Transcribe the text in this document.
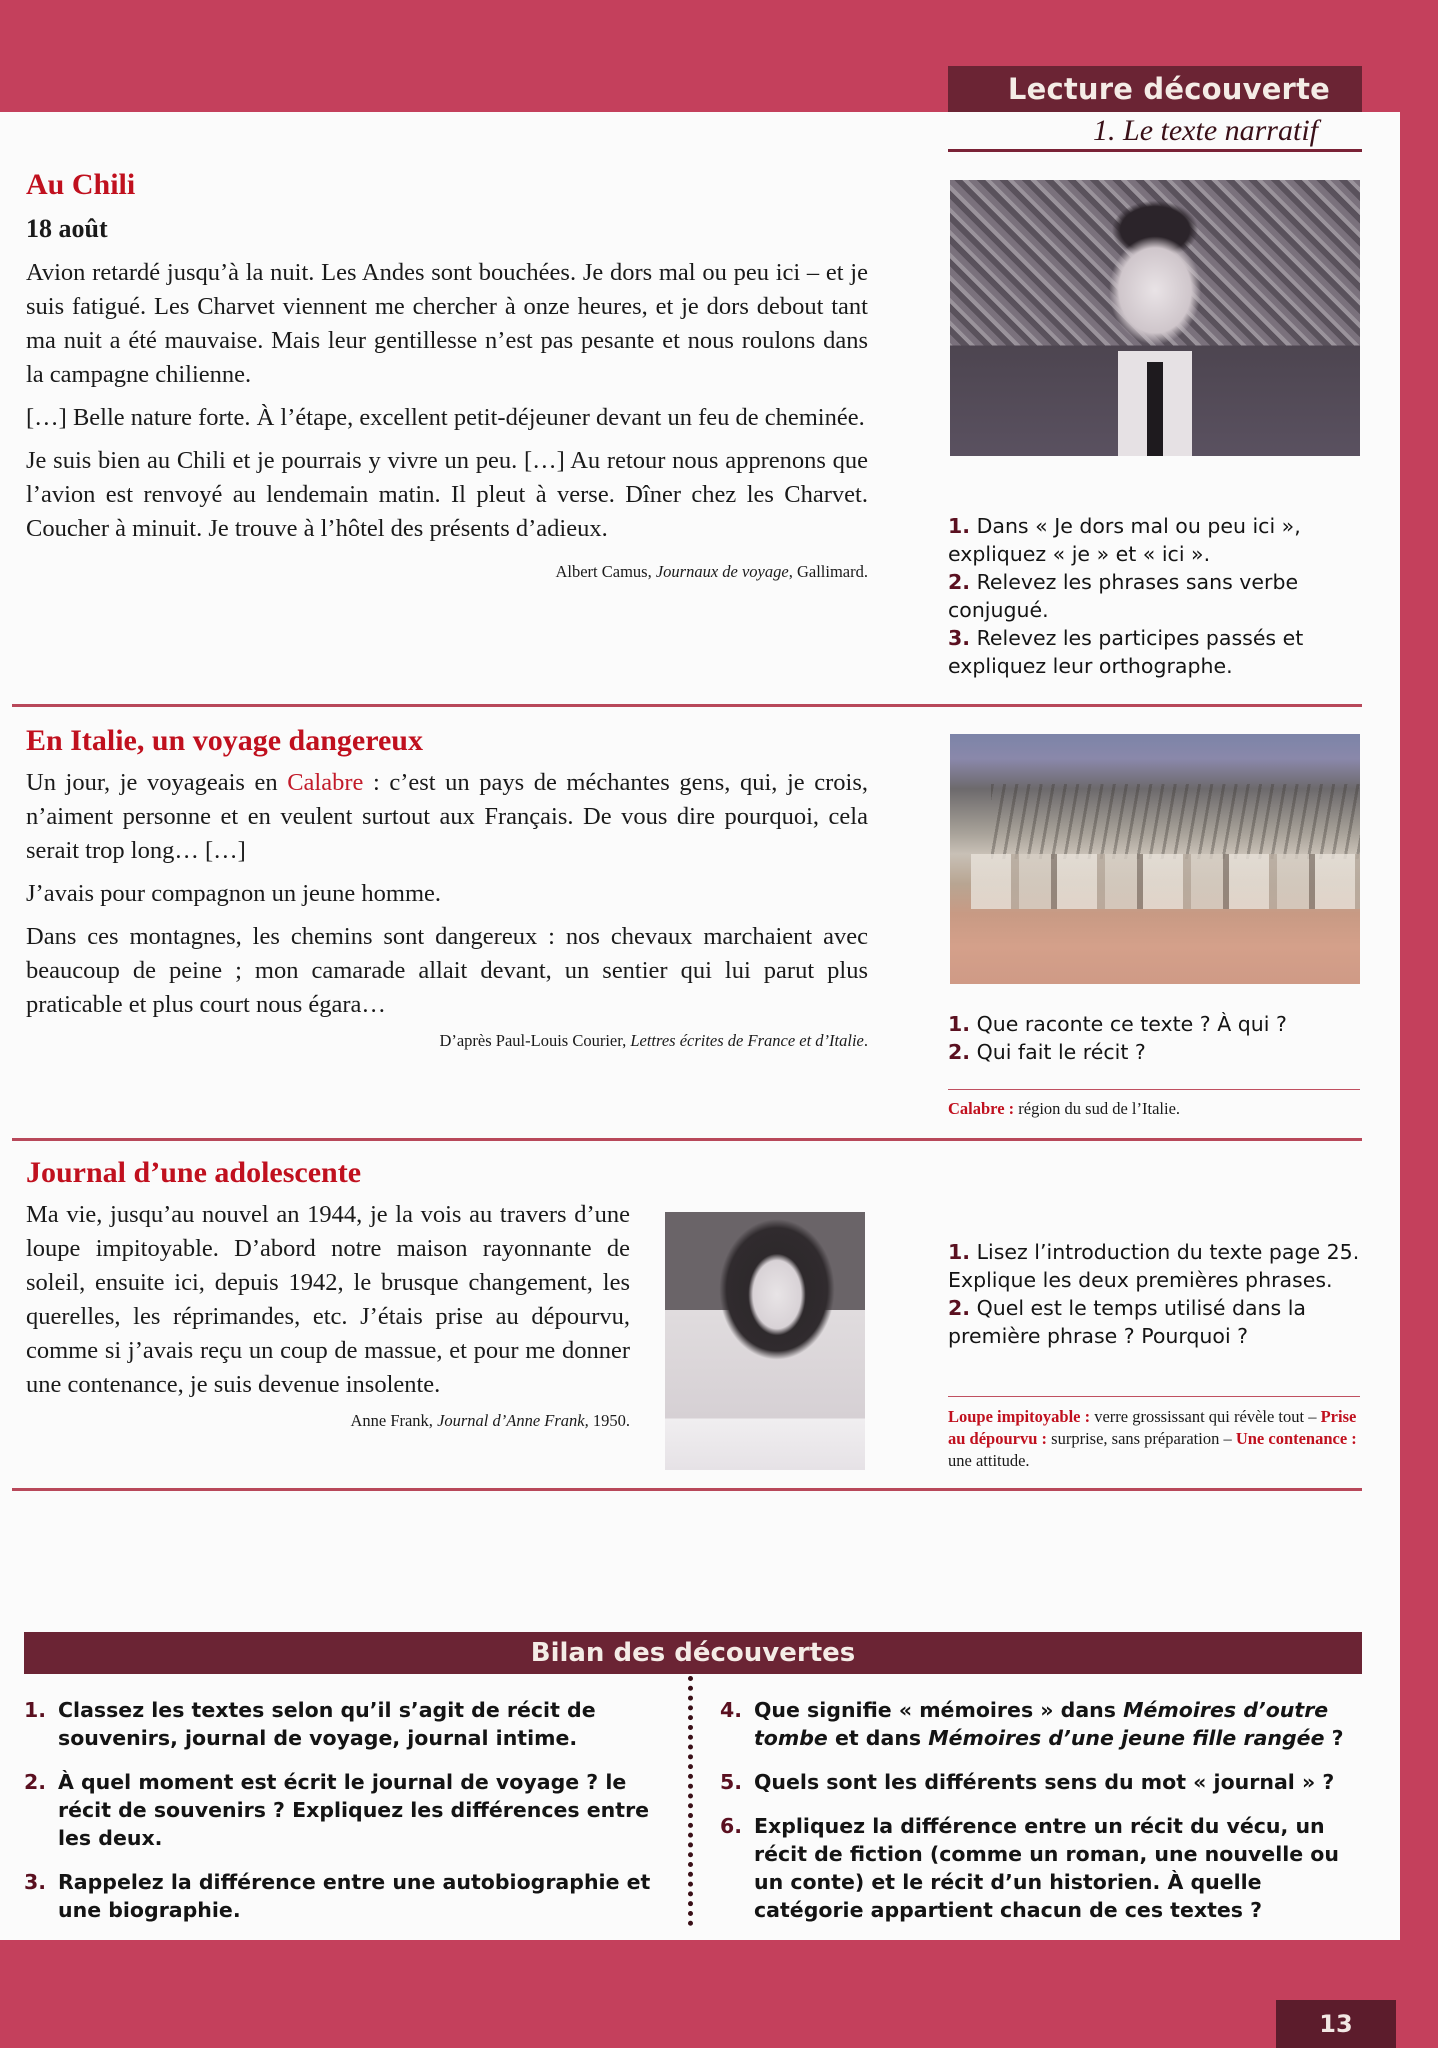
Lecture découverte
1. Le texte narratif
Au Chili

18 août

Avion retardé jusqu’à la nuit. Les Andes sont bouchées. Je dors mal ou peu ici – et je suis fatigué. Les Charvet viennent me chercher à onze heures, et je dors debout tant ma nuit a été mauvaise. Mais leur gentillesse n’est pas pesante et nous roulons dans la campagne chilienne.

[…] Belle nature forte. À l’étape, excellent petit-déjeuner devant un feu de cheminée.

Je suis bien au Chili et je pourrais y vivre un peu. […] Au retour nous apprenons que l’avion est renvoyé au lendemain matin. Il pleut à verse. Dîner chez les Charvet. Coucher à minuit. Je trouve à l’hôtel des présents d’adieux.

Albert Camus, Journaux de voyage, Gallimard.

1. Dans « Je dors mal ou peu ici », expliquez « je » et « ici ».
2. Relevez les phrases sans verbe conjugué.
3. Relevez les participes passés et expliquez leur orthographe.
En Italie, un voyage dangereux

Un jour, je voyageais en Calabre : c’est un pays de méchantes gens, qui, je crois, n’aiment personne et en veulent surtout aux Français. De vous dire pourquoi, cela serait trop long… […]

J’avais pour compagnon un jeune homme.

Dans ces montagnes, les chemins sont dangereux : nos chevaux marchaient avec beaucoup de peine ; mon camarade allait devant, un sentier qui lui parut plus praticable et plus court nous égara…

D’après Paul-Louis Courier, Lettres écrites de France et d’Italie.

1. Que raconte ce texte ? À qui ?
2. Qui fait le récit ?
Calabre : région du sud de l’Italie.
Journal d’une adolescente

Ma vie, jusqu’au nouvel an 1944, je la vois au travers d’une loupe impitoyable. D’abord notre maison rayonnante de soleil, ensuite ici, depuis 1942, le brusque changement, les querelles, les réprimandes, etc. J’étais prise au dépourvu, comme si j’avais reçu un coup de massue, et pour me donner une contenance, je suis devenue insolente.

Anne Frank, Journal d’Anne Frank, 1950.

1. Lisez l’introduction du texte page 25. Explique les deux premières phrases.
2. Quel est le temps utilisé dans la première phrase ? Pourquoi ?
Loupe impitoyable : verre grossissant qui révèle tout – Prise au dépourvu : surprise, sans préparation – Une contenance : une attitude.
Bilan des découvertes
1. Classez les textes selon qu’il s’agit de récit de souvenirs, journal de voyage, journal intime.
2. À quel moment est écrit le journal de voyage ? le récit de souvenirs ? Expliquez les différences entre les deux.
3. Rappelez la différence entre une autobiographie et une biographie.
4. Que signifie « mémoires » dans Mémoires d’outre tombe et dans Mémoires d’une jeune fille rangée ?
5. Quels sont les différents sens du mot « journal » ?
6. Expliquez la différence entre un récit du vécu, un récit de fiction (comme un roman, une nouvelle ou un conte) et le récit d’un historien. À quelle catégorie appartient chacun de ces textes ?
13
